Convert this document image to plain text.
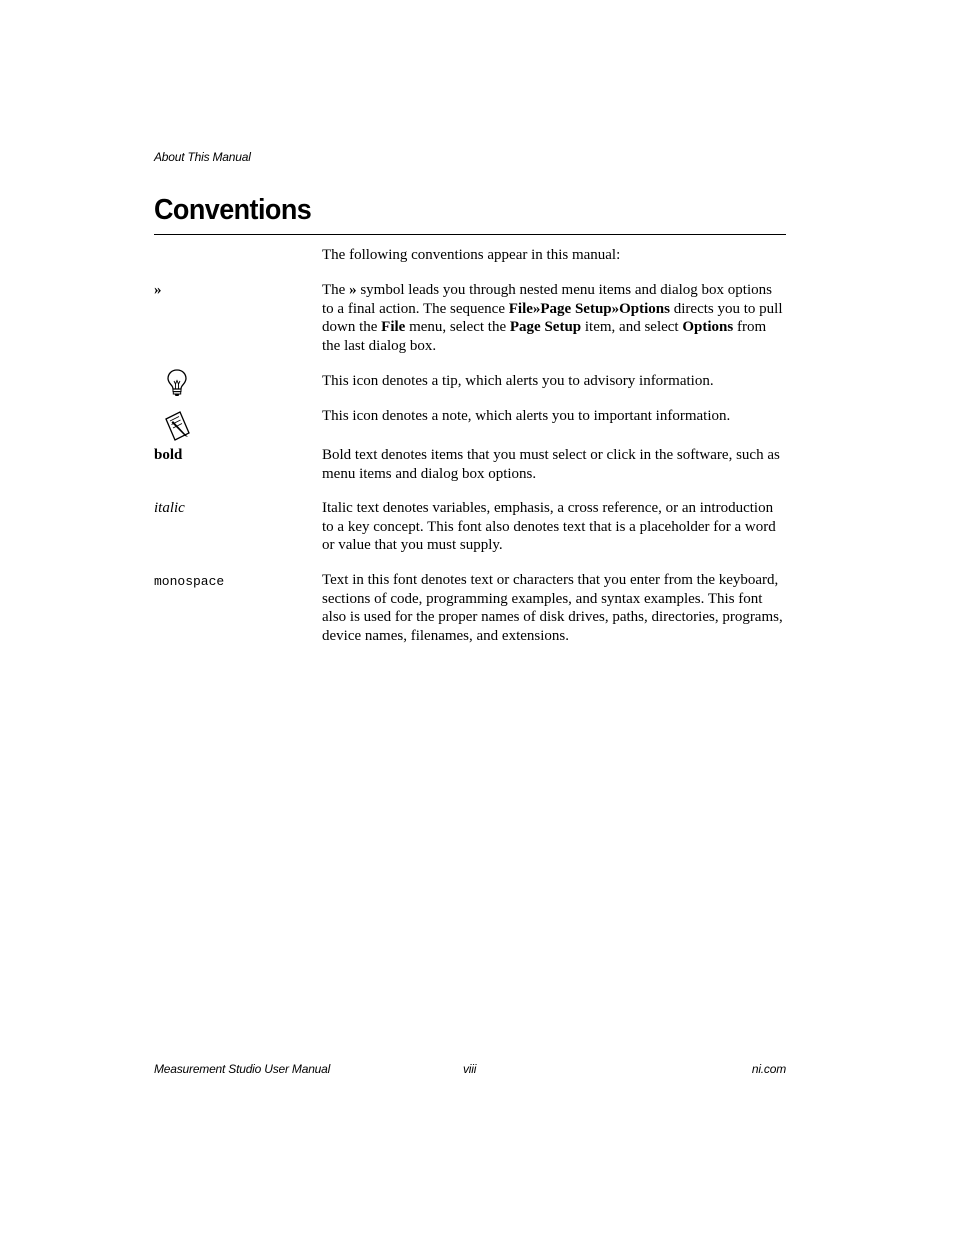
About This Manual
Conventions
The following conventions appear in this manual:
»	The » symbol leads you through nested menu items and dialog box options to a final action. The sequence File»Page Setup»Options directs you to pull down the File menu, select the Page Setup item, and select Options from the last dialog box.
This icon denotes a tip, which alerts you to advisory information.
This icon denotes a note, which alerts you to important information.
bold	Bold text denotes items that you must select or click in the software, such as menu items and dialog box options.
italic	Italic text denotes variables, emphasis, a cross reference, or an introduction to a key concept. This font also denotes text that is a placeholder for a word or value that you must supply.
monospace	Text in this font denotes text or characters that you enter from the keyboard, sections of code, programming examples, and syntax examples. This font also is used for the proper names of disk drives, paths, directories, programs, device names, filenames, and extensions.
Measurement Studio User Manual	viii	ni.com
